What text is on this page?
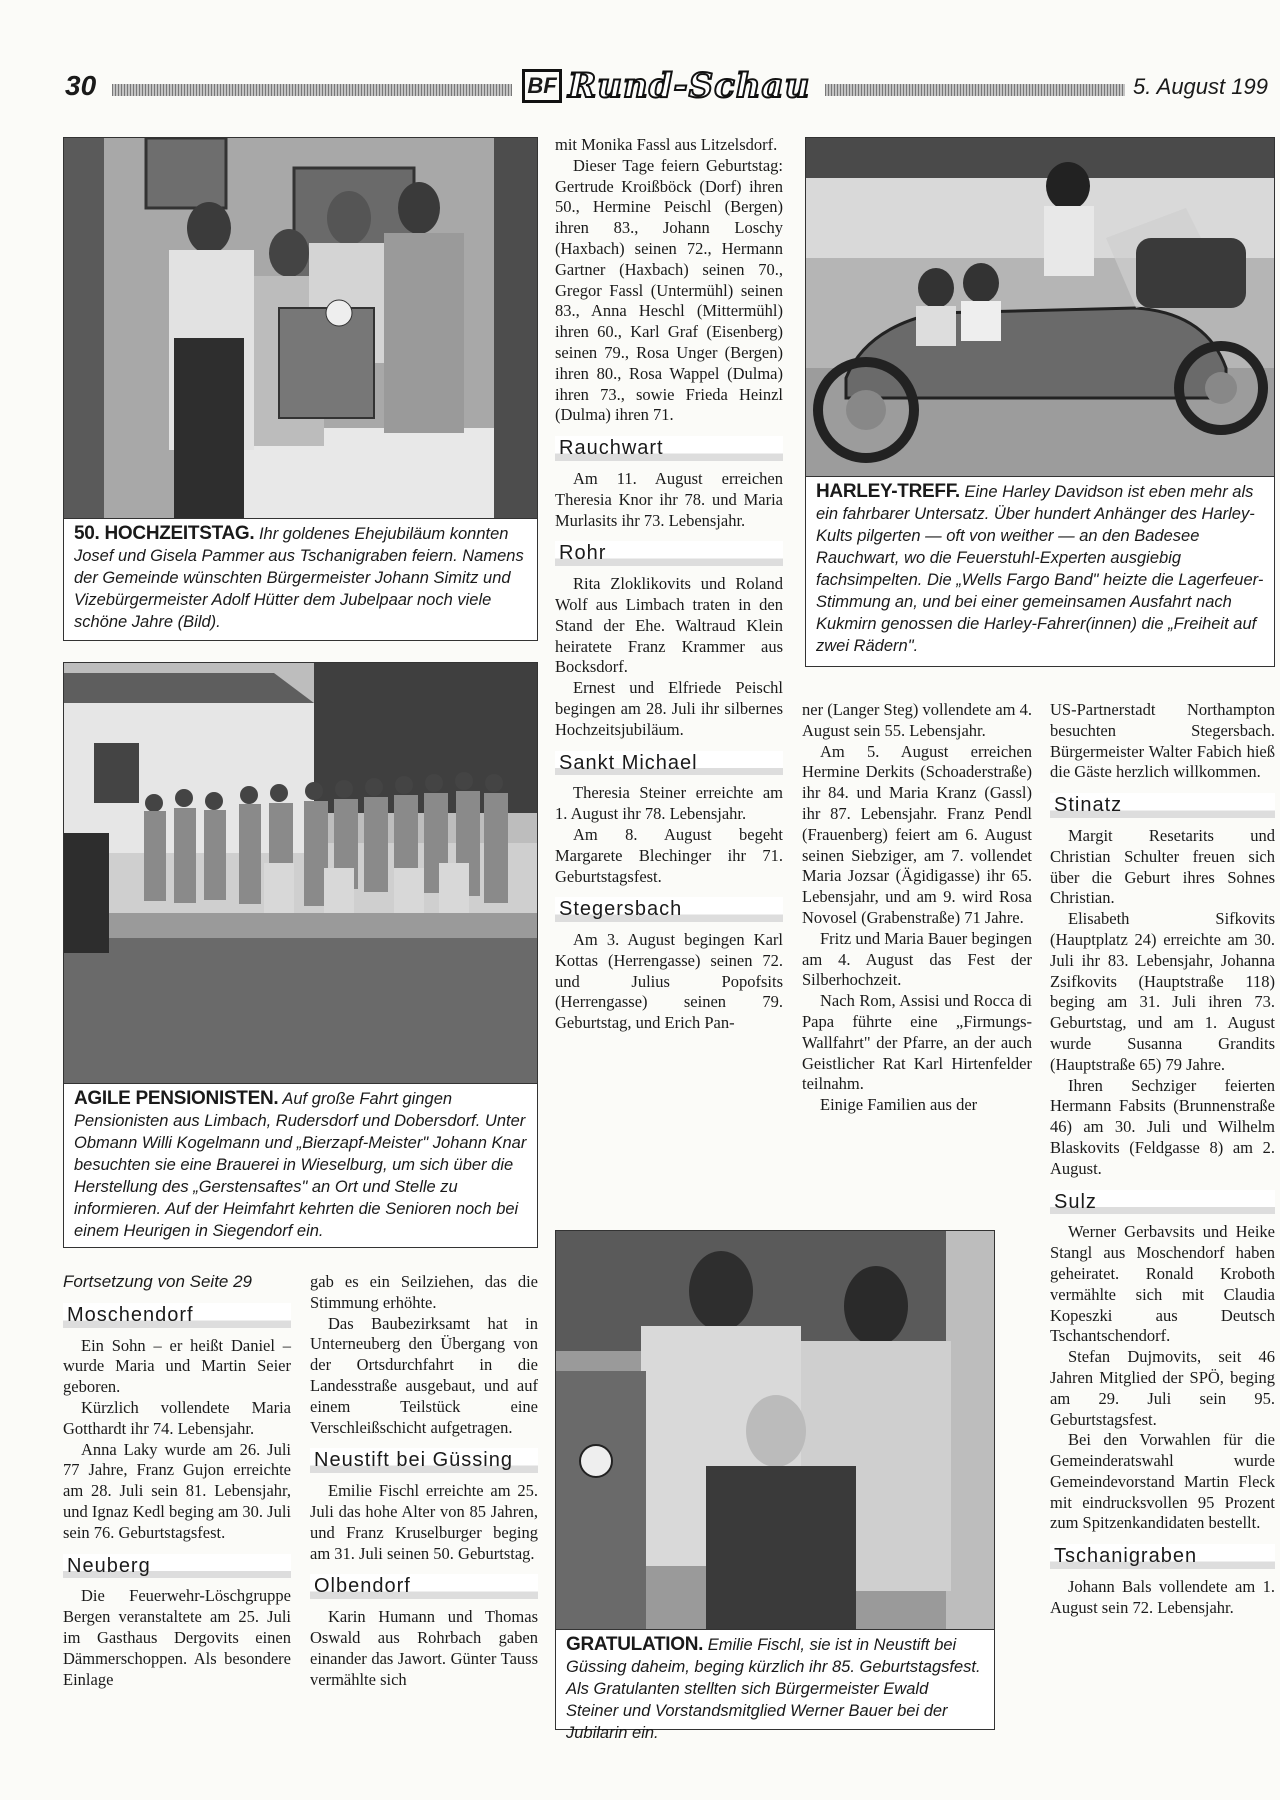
30	BF Rund-Schau	5. August 199
50. HOCHZEITSTAG. Ihr goldenes Ehejubiläum konnten Josef und Gisela Pammer aus Tschanigraben feiern. Namens der Gemeinde wünschten Bürgermeister Johann Simitz und Vizebürgermeister Adolf Hütter dem Jubelpaar noch viele schöne Jahre (Bild).
AGILE PENSIONISTEN. Auf große Fahrt gingen Pensionisten aus Limbach, Rudersdorf und Dobersdorf. Unter Obmann Willi Kogelmann und „Bierzapf-Meister" Johann Knar besuchten sie eine Brauerei in Wieselburg, um sich über die Herstellung des „Gerstensaftes" an Ort und Stelle zu informieren. Auf der Heimfahrt kehrten die Senioren noch bei einem Heurigen in Siegendorf ein.
HARLEY-TREFF. Eine Harley Davidson ist eben mehr als ein fahrbarer Untersatz. Über hundert Anhänger des Harley-Kults pilgerten — oft von weither — an den Badesee Rauchwart, wo die Feuerstuhl-Experten ausgiebig fachsimpelten. Die „Wells Fargo Band" heizte die Lagerfeuer-Stimmung an, und bei einer gemeinsamen Ausfahrt nach Kukmirn genossen die Harley-Fahrer(innen) die „Freiheit auf zwei Rädern".

mit Monika Fassl aus Litzelsdorf.

Dieser Tage feiern Geburtstag: Gertrude Kroißböck (Dorf) ihren 50., Hermine Peischl (Bergen) ihren 83., Johann Loschy (Haxbach) seinen 72., Hermann Gartner (Haxbach) seinen 70., Gregor Fassl (Untermühl) seinen 83., Anna Heschl (Mittermühl) ihren 60., Karl Graf (Eisenberg) seinen 79., Rosa Unger (Bergen) ihren 80., Rosa Wappel (Dulma) ihren 73., sowie Frieda Heinzl (Dulma) ihren 71.

Rauchwart

Am 11. August erreichen Theresia Knor ihr 78. und Maria Murlasits ihr 73. Lebensjahr.

Rohr

Rita Zloklikovits und Roland Wolf aus Limbach traten in den Stand der Ehe. Waltraud Klein heiratete Franz Krammer aus Bocksdorf.

Ernest und Elfriede Peischl begingen am 28. Juli ihr silbernes Hochzeitsjubiläum.

Sankt Michael

Theresia Steiner erreichte am 1. August ihr 78. Lebensjahr.

Am 8. August begeht Margarete Blechinger ihr 71. Geburtstagsfest.

Stegersbach

Am 3. August begingen Karl Kottas (Herrengasse) seinen 72. und Julius Popofsits (Herrengasse) seinen 79. Geburtstag, und Erich Pan-

ner (Langer Steg) vollendete am 4. August sein 55. Lebensjahr.

Am 5. August erreichen Hermine Derkits (Schoaderstraße) ihr 84. und Maria Kranz (Gassl) ihr 87. Lebensjahr. Franz Pendl (Frauenberg) feiert am 6. August seinen Siebziger, am 7. vollendet Maria Jozsar (Ägidigasse) ihr 65. Lebensjahr, und am 9. wird Rosa Novosel (Grabenstraße) 71 Jahre.

Fritz und Maria Bauer begingen am 4. August das Fest der Silberhochzeit.

Nach Rom, Assisi und Rocca di Papa führte eine „Firmungs-Wallfahrt" der Pfarre, an der auch Geistlicher Rat Karl Hirtenfelder teilnahm.

Einige Familien aus der

US-Partnerstadt Northampton besuchten Stegersbach. Bürgermeister Walter Fabich hieß die Gäste herzlich willkommen.

Stinatz

Margit Resetarits und Christian Schulter freuen sich über die Geburt ihres Sohnes Christian.

Elisabeth Sifkovits (Hauptplatz 24) erreichte am 30. Juli ihr 83. Lebensjahr, Johanna Zsifkovits (Hauptstraße 118) beging am 31. Juli ihren 73. Geburtstag, und am 1. August wurde Susanna Grandits (Hauptstraße 65) 79 Jahre.

Ihren Sechziger feierten Hermann Fabsits (Brunnenstraße 46) am 30. Juli und Wilhelm Blaskovits (Feldgasse 8) am 2. August.

Sulz

Werner Gerbavsits und Heike Stangl aus Moschendorf haben geheiratet. Ronald Kroboth vermählte sich mit Claudia Kopeszki aus Deutsch Tschantschendorf.

Stefan Dujmovits, seit 46 Jahren Mitglied der SPÖ, beging am 29. Juli sein 95. Geburtstagsfest.

Bei den Vorwahlen für die Gemeinderatswahl wurde Gemeindevorstand Martin Fleck mit eindrucksvollen 95 Prozent zum Spitzenkandidaten bestellt.

Tschanigraben

Johann Bals vollendete am 1. August sein 72. Lebensjahr.

GRATULATION. Emilie Fischl, sie ist in Neustift bei Güssing daheim, beging kürzlich ihr 85. Geburtstagsfest. Als Gratulanten stellten sich Bürgermeister Ewald Steiner und Vorstandsmitglied Werner Bauer bei der Jubilarin ein.

Fortsetzung von Seite 29

Moschendorf

Ein Sohn – er heißt Daniel – wurde Maria und Martin Seier geboren.

Kürzlich vollendete Maria Gotthardt ihr 74. Lebensjahr.

Anna Laky wurde am 26. Juli 77 Jahre, Franz Gujon erreichte am 28. Juli sein 81. Lebensjahr, und Ignaz Kedl beging am 30. Juli sein 76. Geburtstagsfest.

Neuberg

Die Feuerwehr-Löschgruppe Bergen veranstaltete am 25. Juli im Gasthaus Dergovits einen Dämmerschoppen. Als besondere Einlage

gab es ein Seilziehen, das die Stimmung erhöhte.

Das Baubezirksamt hat in Unterneuberg den Übergang von der Ortsdurchfahrt in die Landesstraße ausgebaut, und auf einem Teilstück eine Verschleißschicht aufgetragen.

Neustift bei Güssing

Emilie Fischl erreichte am 25. Juli das hohe Alter von 85 Jahren, und Franz Kruselburger beging am 31. Juli seinen 50. Geburtstag.

Olbendorf

Karin Humann und Thomas Oswald aus Rohrbach gaben einander das Jawort. Günter Tauss vermählte sich
